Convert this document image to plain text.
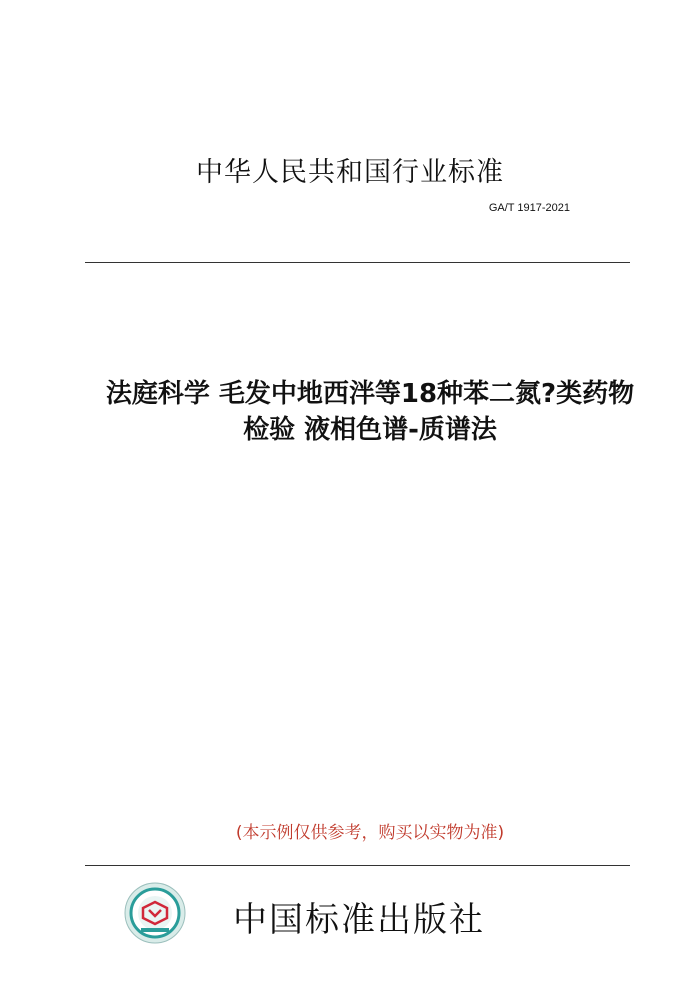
中华人民共和国行业标准
GA/T 1917-2021
法庭科学 毛发中地西泮等18种苯二氮?类药物
检验 液相色谱-质谱法
(本示例仅供参考，购买以实物为准)
中国标准出版社
